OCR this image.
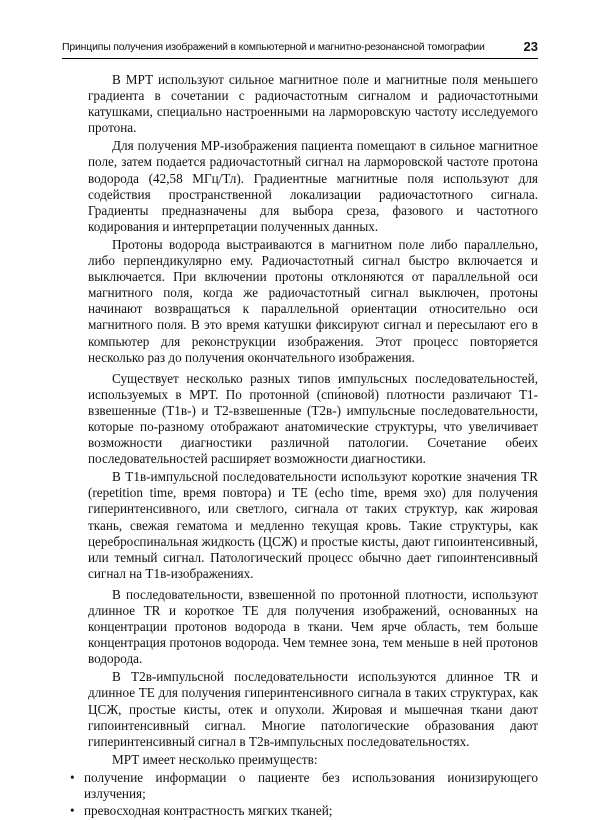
Принципы получения изображений в компьютерной и магнитно-резонансной томографии	23

В МРТ используют сильное магнитное поле и магнитные поля меньшего градиента в сочетании с радиочастотным сигналом и радиочастотными катушками, специально настроенными на ларморовскую частоту исследуемого протона.

Для получения МР-изображения пациента помещают в сильное магнитное поле, затем подается радиочастотный сигнал на ларморовской частоте протона водорода (42,58 МГц/Тл). Градиентные магнитные поля используют для содействия пространственной локализации радиочастотного сигнала. Градиенты предназначены для выбора среза, фазового и частотного кодирования и интерпретации полученных данных.

Протоны водорода выстраиваются в магнитном поле либо параллельно, либо перпендикулярно ему. Радиочастотный сигнал быстро включается и выключается. При включении протоны отклоняются от параллельной оси магнитного поля, когда же радиочастотный сигнал выключен, протоны начинают возвращаться к параллельной ориентации относительно оси магнитного поля. В это время катушки фиксируют сигнал и пересылают его в компьютер для реконструкции изображения. Этот процесс повторяется несколько раз до получения окончательного изображения.

Существует несколько разных типов импульсных последовательностей, используемых в МРТ. По протонной (спи́новой) плотности различают Т1-взвешенные (Т1в-) и Т2-взвешенные (Т2в-) импульсные последовательности, которые по-разному отображают анатомические структуры, что увеличивает возможности диагностики различной патологии. Сочетание обеих последовательностей расширяет возможности диагностики.

В Т1в-импульсной последовательности используют короткие значения TR (repetition time, время повтора) и TE (echo time, время эхо) для получения гиперинтенсивного, или светлого, сигнала от таких структур, как жировая ткань, свежая гематома и медленно текущая кровь. Такие структуры, как цереброспинальная жидкость (ЦСЖ) и простые кисты, дают гипоинтенсивный, или темный сигнал. Патологический процесс обычно дает гипоинтенсивный сигнал на Т1в-изображениях.

В последовательности, взвешенной по протонной плотности, используют длинное TR и короткое TE для получения изображений, основанных на концентрации протонов водорода в ткани. Чем ярче область, тем больше концентрация протонов водорода. Чем темнее зона, тем меньше в ней протонов водорода.

В Т2в-импульсной последовательности используются длинное TR и длинное TE для получения гиперинтенсивного сигнала в таких структурах, как ЦСЖ, простые кисты, отек и опухоли. Жировая и мышечная ткани дают гипоинтенсивный сигнал. Многие патологические образования дают гиперинтенсивный сигнал в Т2в-импульсных последовательностях.

МРТ имеет несколько преимуществ:

• получение информации о пациенте без использования ионизирующего излучения;
• превосходная контрастность мягких тканей;
